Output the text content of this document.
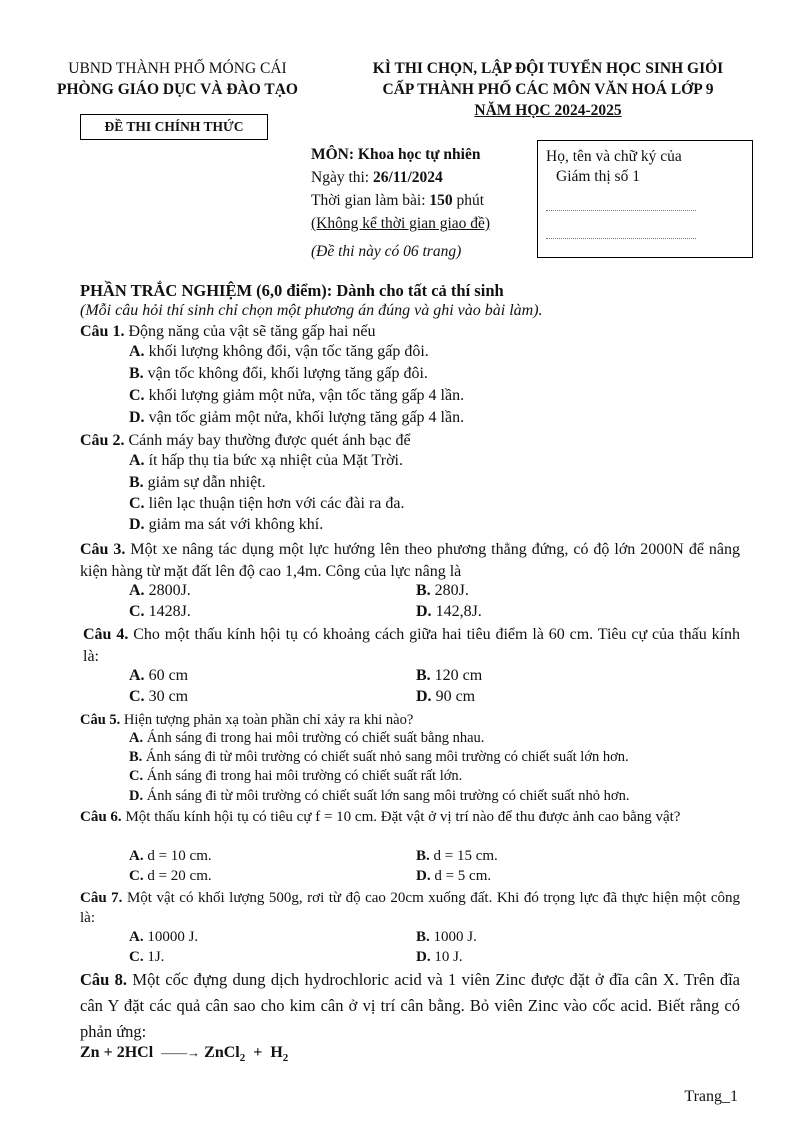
UBND THÀNH PHỐ MÓNG CÁI
PHÒNG GIÁO DỤC VÀ ĐÀO TẠO
KÌ THI CHỌN, LẬP ĐỘI TUYỂN HỌC SINH GIỎI
CẤP THÀNH PHỐ CÁC MÔN VĂN HOÁ LỚP 9
NĂM HỌC 2024-2025
ĐỀ THI CHÍNH THỨC
MÔN: Khoa học tự nhiên
Ngày thi: 26/11/2024
Thời gian làm bài: 150 phút
(Không kể thời gian giao đề)
(Đề thi này có 06 trang)
Họ, tên và chữ ký của
Giám thị số 1
PHẦN TRẮC NGHIỆM (6,0 điểm): Dành cho tất cả thí sinh
(Mỗi câu hỏi thí sinh chỉ chọn một phương án đúng và ghi vào bài làm).
Câu 1. Động năng của vật sẽ tăng gấp hai nếu
A. khối lượng không đổi, vận tốc tăng gấp đôi.
B. vận tốc không đổi, khối lượng tăng gấp đôi.
C. khối lượng giảm một nửa, vận tốc tăng gấp 4 lần.
D. vận tốc giảm một nửa, khối lượng tăng gấp 4 lần.
Câu 2. Cánh máy bay thường được quét ánh bạc để
A. ít hấp thụ tia bức xạ nhiệt của Mặt Trời.
B. giảm sự dẫn nhiệt.
C. liên lạc thuận tiện hơn với các đài ra đa.
D. giảm ma sát với không khí.
Câu 3. Một xe nâng tác dụng một lực hướng lên theo phương thẳng đứng, có độ lớn 2000N để nâng kiện hàng từ mặt đất lên độ cao 1,4m. Công của lực nâng là
A. 2800J.	B. 280J.
C. 1428J.	D. 142,8J.
Câu 4. Cho một thấu kính hội tụ có khoảng cách giữa hai tiêu điểm là 60 cm. Tiêu cự của thấu kính là:
A. 60 cm	B. 120 cm
C. 30 cm	D. 90 cm
Câu 5. Hiện tượng phản xạ toàn phần chỉ xảy ra khi nào?
A. Ánh sáng đi trong hai môi trường có chiết suất bằng nhau.
B. Ánh sáng đi từ môi trường có chiết suất nhỏ sang môi trường có chiết suất lớn hơn.
C. Ánh sáng đi trong hai môi trường có chiết suất rất lớn.
D. Ánh sáng đi từ môi trường có chiết suất lớn sang môi trường có chiết suất nhỏ hơn.
Câu 6. Một thấu kính hội tụ có tiêu cự f = 10 cm. Đặt vật ở vị trí nào để thu được ảnh cao bằng vật?
A. d = 10 cm.	B. d = 15 cm.
C. d = 20 cm.	D. d = 5 cm.
Câu 7. Một vật có khối lượng 500g, rơi từ độ cao 20cm xuống đất. Khi đó trọng lực đã thực hiện một công là:
A. 10000 J.	B. 1000 J.
C. 1J.	D. 10 J.
Câu 8. Một cốc đựng dung dịch hydrochloric acid và 1 viên Zinc được đặt ở đĩa cân X. Trên đĩa cân Y đặt các quả cân sao cho kim cân ở vị trí cân bằng. Bỏ viên Zinc vào cốc acid. Biết rằng có phản ứng:
Zn + 2HCl ——→ ZnCl$_2$  +  $H_2$
Trang_1
